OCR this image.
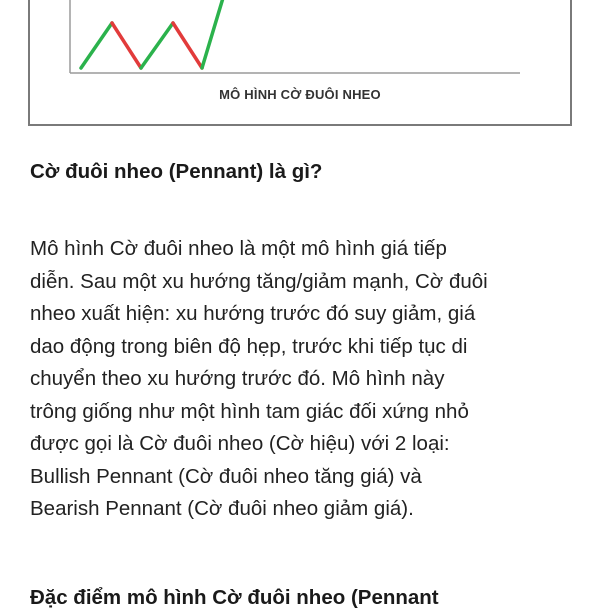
MÔ HÌNH CỜ ĐUÔI NHEO
Cờ đuôi nheo (Pennant) là gì?

Mô hình Cờ đuôi nheo là một mô hình giá tiếp
diễn. Sau một xu hướng tăng/giảm mạnh, Cờ đuôi
nheo xuất hiện: xu hướng trước đó suy giảm, giá
dao động trong biên độ hẹp, trước khi tiếp tục di
chuyển theo xu hướng trước đó. Mô hình này
trông giống như một hình tam giác đối xứng nhỏ
được gọi là Cờ đuôi nheo (Cờ hiệu) với 2 loại:
Bullish Pennant (Cờ đuôi nheo tăng giá) và
Bearish Pennant (Cờ đuôi nheo giảm giá).

Đặc điểm mô hình Cờ đuôi nheo (Pennant
